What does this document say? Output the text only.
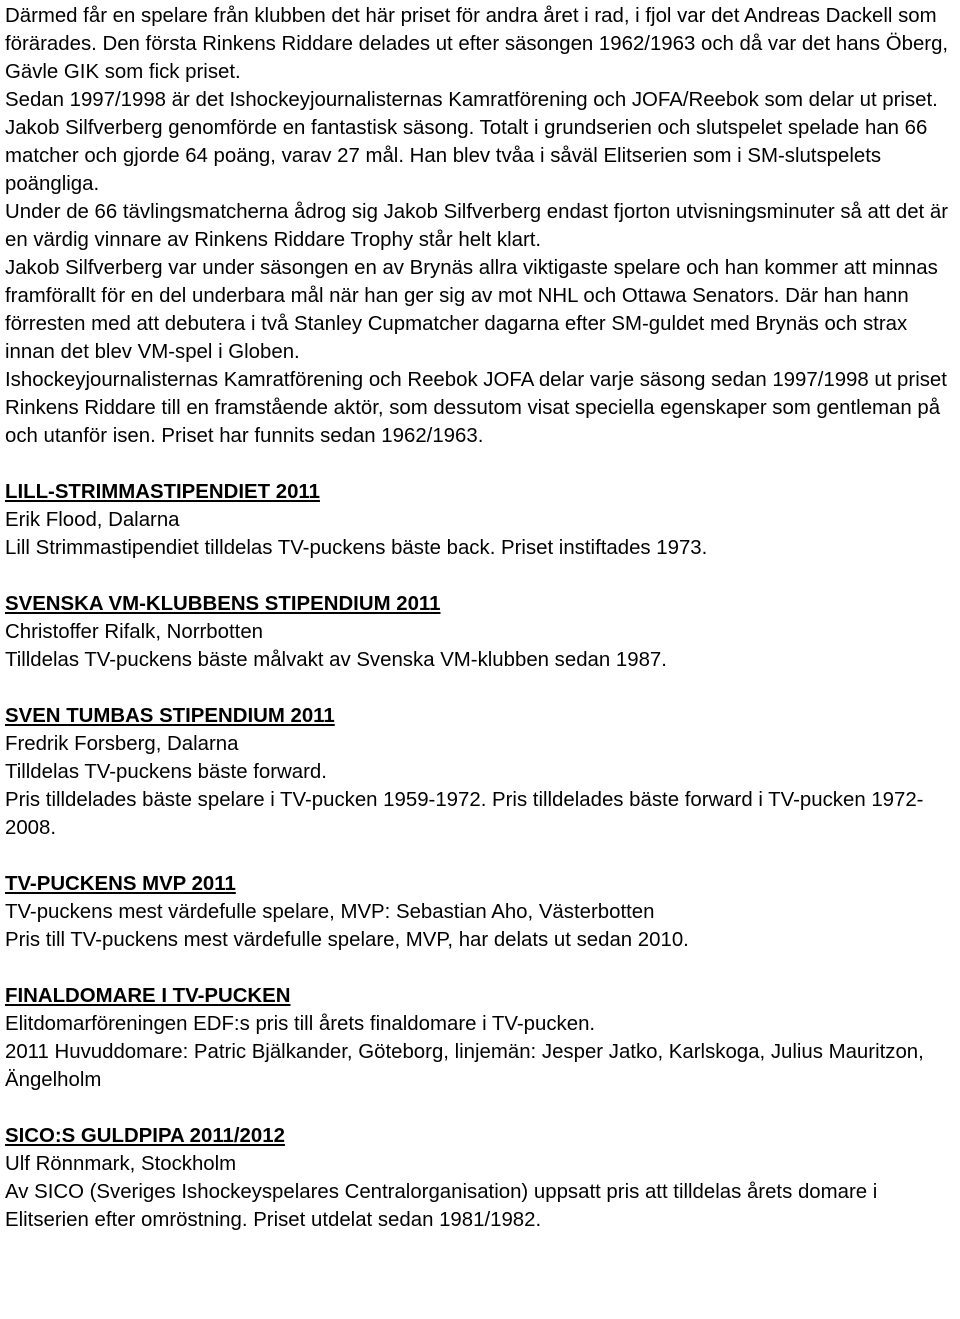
Därmed får en spelare från klubben det här priset för andra året i rad, i fjol var det Andreas Dackell som förärades. Den första Rinkens Riddare delades ut efter säsongen 1962/1963 och då var det hans Öberg, Gävle GIK som fick priset.

Sedan 1997/1998 är det Ishockeyjournalisternas Kamratförening och JOFA/Reebok som delar ut priset.

Jakob Silfverberg genomförde en fantastisk säsong. Totalt i grundserien och slutspelet spelade han 66 matcher och gjorde 64 poäng, varav 27 mål. Han blev tvåa i såväl Elitserien som i SM-slutspelets poängliga.

Under de 66 tävlingsmatcherna ådrog sig Jakob Silfverberg endast fjorton utvisningsminuter så att det är en värdig vinnare av Rinkens Riddare Trophy står helt klart.

Jakob Silfverberg var under säsongen en av Brynäs allra viktigaste spelare och han kommer att minnas framförallt för en del underbara mål när han ger sig av mot NHL och Ottawa Senators. Där han hann förresten med att debutera i två Stanley Cupmatcher dagarna efter SM-guldet med Brynäs och strax innan det blev VM-spel i Globen.

Ishockeyjournalisternas Kamratförening och Reebok JOFA delar varje säsong sedan 1997/1998 ut priset Rinkens Riddare till en framstående aktör, som dessutom visat speciella egenskaper som gentleman på och utanför isen. Priset har funnits sedan 1962/1963.

LILL-STRIMMASTIPENDIET 2011

Erik Flood, Dalarna

Lill Strimmastipendiet tilldelas TV-puckens bäste back. Priset instiftades 1973.

SVENSKA VM-KLUBBENS STIPENDIUM 2011

Christoffer Rifalk, Norrbotten

Tilldelas TV-puckens bäste målvakt av Svenska VM-klubben sedan 1987.

SVEN TUMBAS STIPENDIUM 2011

Fredrik Forsberg, Dalarna

Tilldelas TV-puckens bäste forward.

Pris tilldelades bäste spelare i TV-pucken 1959-1972. Pris tilldelades bäste forward i TV-pucken 1972-2008.

TV-PUCKENS MVP 2011

TV-puckens mest värdefulle spelare, MVP: Sebastian Aho, Västerbotten

Pris till TV-puckens mest värdefulle spelare, MVP, har delats ut sedan 2010.

FINALDOMARE I TV-PUCKEN

Elitdomarföreningen EDF:s pris till årets finaldomare i TV-pucken.

2011 Huvuddomare: Patric Bjälkander, Göteborg, linjemän: Jesper Jatko, Karlskoga, Julius Mauritzon, Ängelholm

SICO:S GULDPIPA 2011/2012

Ulf Rönnmark, Stockholm

Av SICO (Sveriges Ishockeyspelares Centralorganisation) uppsatt pris att tilldelas årets domare i Elitserien efter omröstning. Priset utdelat sedan 1981/1982.
